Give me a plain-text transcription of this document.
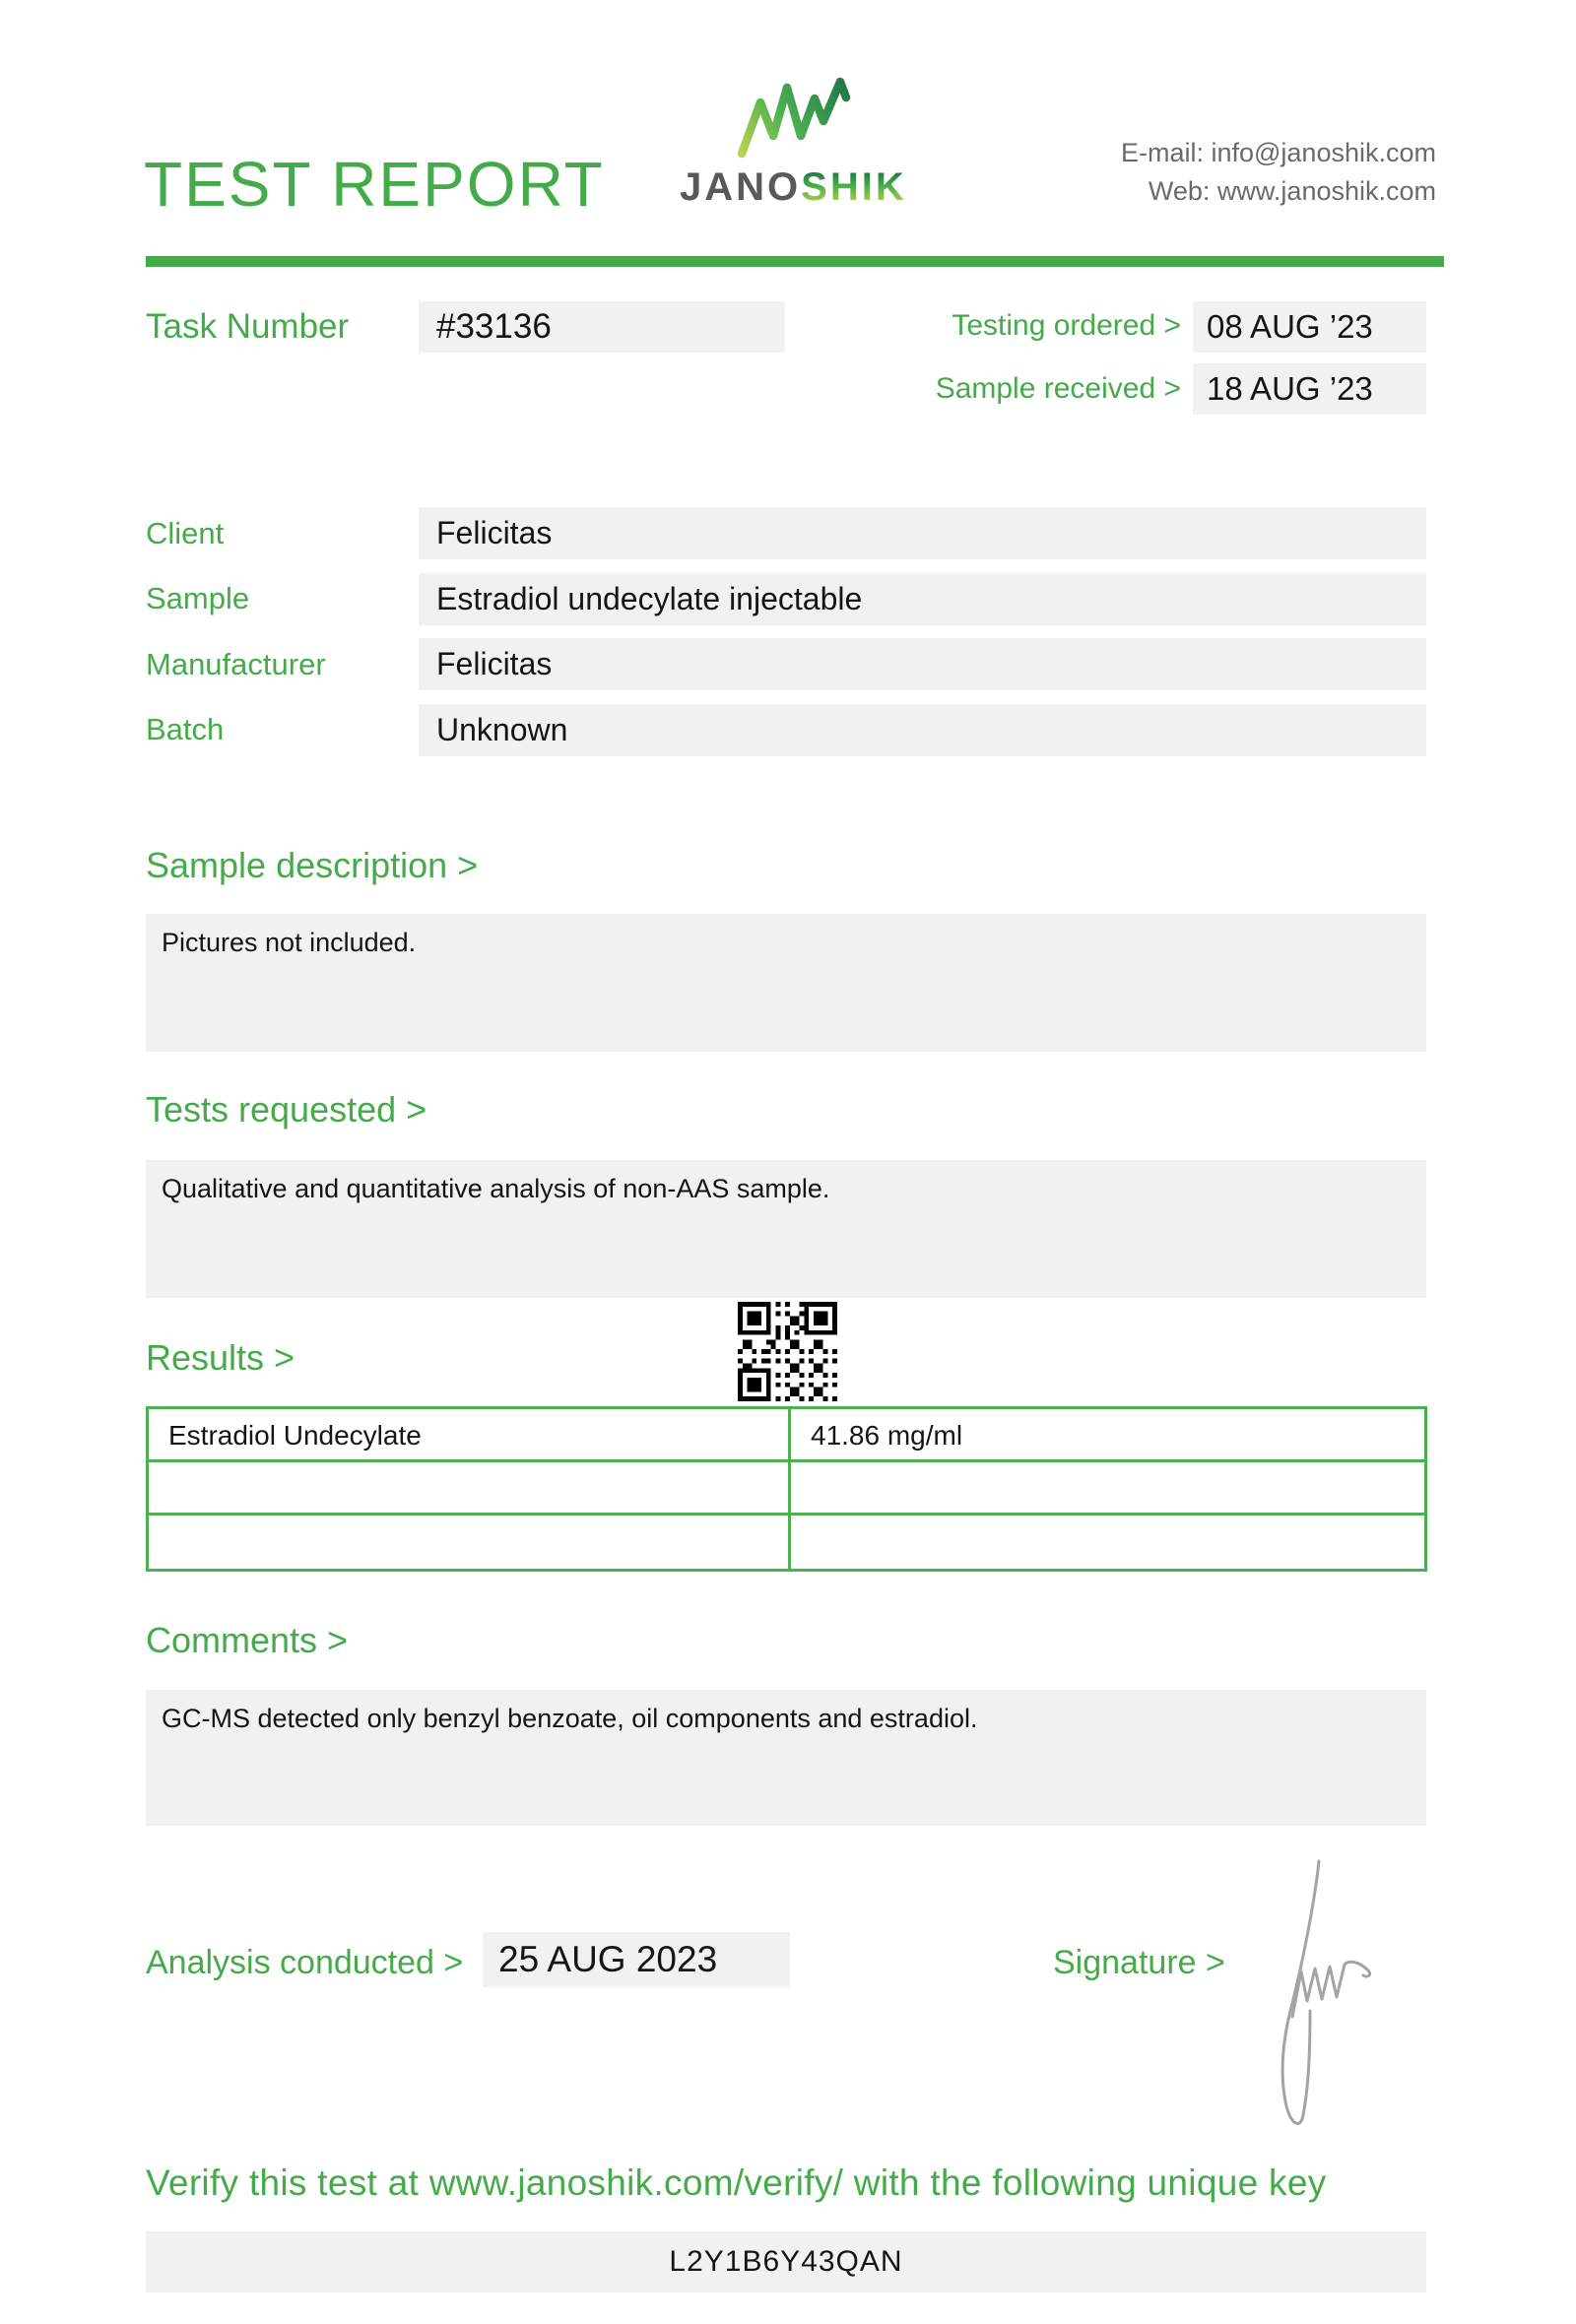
TEST REPORT JANOSHIK
E-mail: info@janoshik.com
Web: www.janoshik.com
Task Number	#33136	Testing ordered > 08 AUG ’23
Sample received > 18 AUG ’23
Client	Felicitas
Sample	Estradiol undecylate injectable
Manufacturer	Felicitas
Batch	Unknown
Sample description >
Pictures not included.
Tests requested >
Qualitative and quantitative analysis of non-AAS sample.
Results >
Estradiol Undecylate	41.86 mg/ml
Comments >
GC-MS detected only benzyl benzoate, oil components and estradiol.
Analysis conducted > 25 AUG 2023	Signature >
Verify this test at www.janoshik.com/verify/ with the following unique key
L2Y1B6Y43QAN
